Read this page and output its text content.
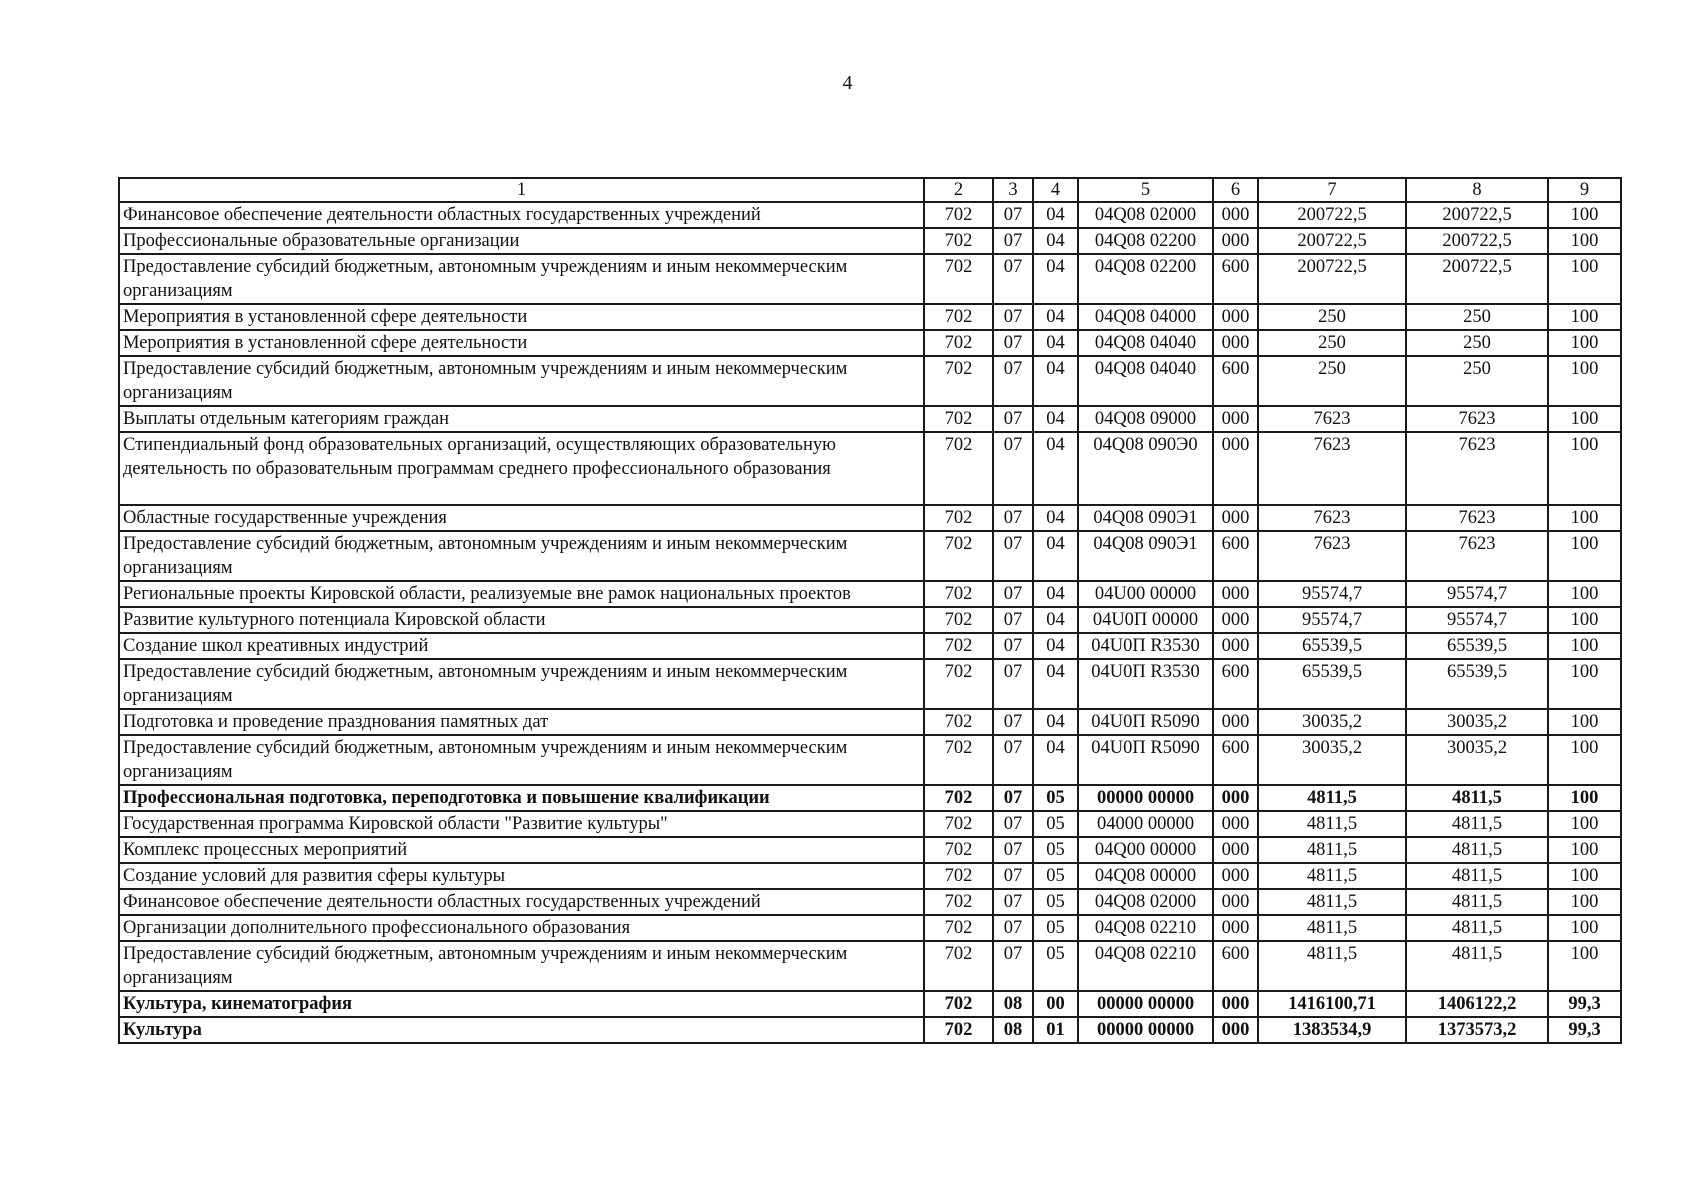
4
1	2	3	4	5	6	7	8	9
Финансовое обеспечение деятельности областных государственных учреждений	702	07	04	04Q08 02000	000	200722,5	200722,5	100
Профессиональные образовательные организации	702	07	04	04Q08 02200	000	200722,5	200722,5	100
Предоставление субсидий бюджетным, автономным учреждениям и иным некоммерческим организациям	702	07	04	04Q08 02200	600	200722,5	200722,5	100
Мероприятия в установленной сфере деятельности	702	07	04	04Q08 04000	000	250	250	100
Мероприятия в установленной сфере деятельности	702	07	04	04Q08 04040	000	250	250	100
Предоставление субсидий бюджетным, автономным учреждениям и иным некоммерческим организациям	702	07	04	04Q08 04040	600	250	250	100
Выплаты отдельным категориям граждан	702	07	04	04Q08 09000	000	7623	7623	100
Стипендиальный фонд образовательных организаций, осуществляющих образовательную деятельность по образовательным программам среднего профессионального образования	702	07	04	04Q08 090Э0	000	7623	7623	100
Областные государственные учреждения	702	07	04	04Q08 090Э1	000	7623	7623	100
Предоставление субсидий бюджетным, автономным учреждениям и иным некоммерческим организациям	702	07	04	04Q08 090Э1	600	7623	7623	100
Региональные проекты Кировской области, реализуемые вне рамок национальных проектов	702	07	04	04U00 00000	000	95574,7	95574,7	100
Развитие культурного потенциала Кировской области	702	07	04	04U0П 00000	000	95574,7	95574,7	100
Создание школ креативных индустрий	702	07	04	04U0П R3530	000	65539,5	65539,5	100
Предоставление субсидий бюджетным, автономным учреждениям и иным некоммерческим организациям	702	07	04	04U0П R3530	600	65539,5	65539,5	100
Подготовка и проведение празднования памятных дат	702	07	04	04U0П R5090	000	30035,2	30035,2	100
Предоставление субсидий бюджетным, автономным учреждениям и иным некоммерческим организациям	702	07	04	04U0П R5090	600	30035,2	30035,2	100
Профессиональная подготовка, переподготовка и повышение квалификации	702	07	05	00000 00000	000	4811,5	4811,5	100
Государственная программа Кировской области "Развитие культуры"	702	07	05	04000 00000	000	4811,5	4811,5	100
Комплекс процессных мероприятий	702	07	05	04Q00 00000	000	4811,5	4811,5	100
Создание условий для развития сферы культуры	702	07	05	04Q08 00000	000	4811,5	4811,5	100
Финансовое обеспечение деятельности областных государственных учреждений	702	07	05	04Q08 02000	000	4811,5	4811,5	100
Организации дополнительного профессионального образования	702	07	05	04Q08 02210	000	4811,5	4811,5	100
Предоставление субсидий бюджетным, автономным учреждениям и иным некоммерческим организациям	702	07	05	04Q08 02210	600	4811,5	4811,5	100
Культура, кинематография	702	08	00	00000 00000	000	1416100,71	1406122,2	99,3
Культура	702	08	01	00000 00000	000	1383534,9	1373573,2	99,3
